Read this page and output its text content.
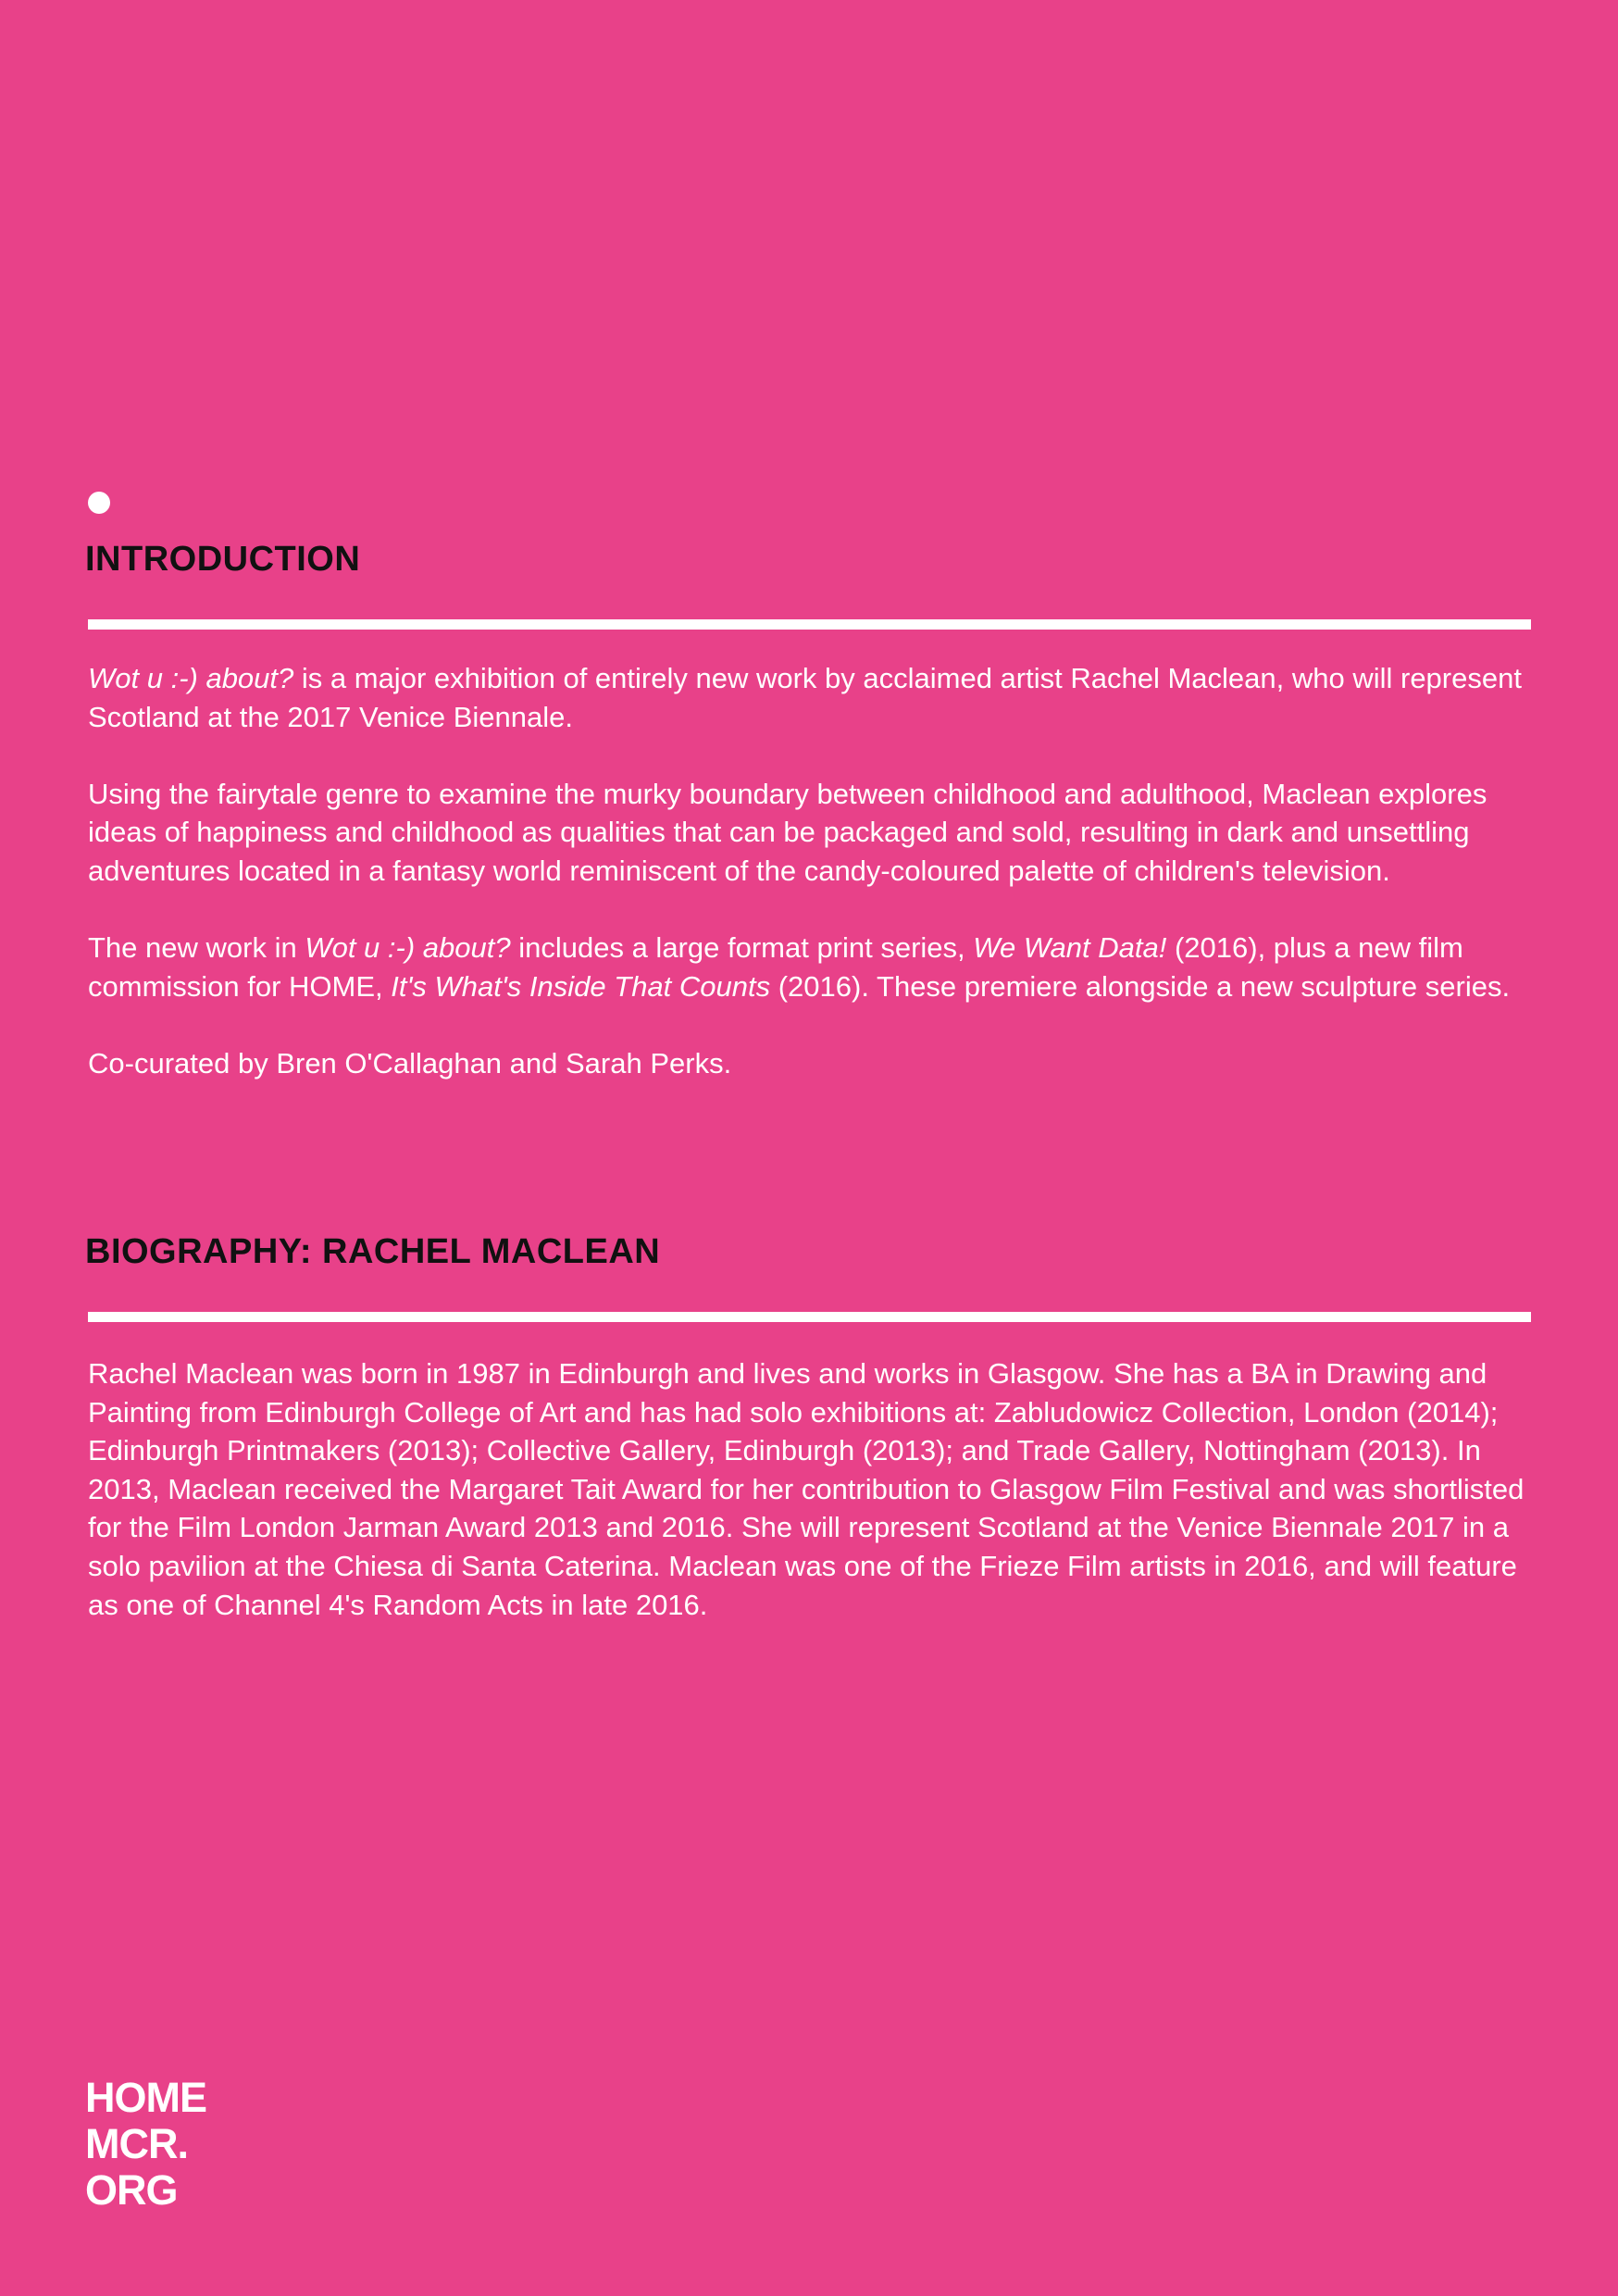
INTRODUCTION

Wot u :-) about? is a major exhibition of entirely new work by acclaimed artist Rachel Maclean, who will represent Scotland at the 2017 Venice Biennale.

Using the fairytale genre to examine the murky boundary between childhood and adulthood, Maclean explores ideas of happiness and childhood as qualities that can be packaged and sold, resulting in dark and unsettling adventures located in a fantasy world reminiscent of the candy-coloured palette of children's television.

The new work in Wot u :-) about? includes a large format print series, We Want Data! (2016), plus a new film commission for HOME, It's What's Inside That Counts (2016). These premiere alongside a new sculpture series.

Co-curated by Bren O'Callaghan and Sarah Perks.

BIOGRAPHY: RACHEL MACLEAN

Rachel Maclean was born in 1987 in Edinburgh and lives and works in Glasgow. She has a BA in Drawing and Painting from Edinburgh College of Art and has had solo exhibitions at: Zabludowicz Collection, London (2014); Edinburgh Printmakers (2013); Collective Gallery, Edinburgh (2013); and Trade Gallery, Nottingham (2013). In 2013, Maclean received the Margaret Tait Award for her contribution to Glasgow Film Festival and was shortlisted for the Film London Jarman Award 2013 and 2016. She will represent Scotland at the Venice Biennale 2017 in a solo pavilion at the Chiesa di Santa Caterina. Maclean was one of the Frieze Film artists in 2016, and will feature as one of Channel 4's Random Acts in late 2016.

HOME
MCR.
ORG
